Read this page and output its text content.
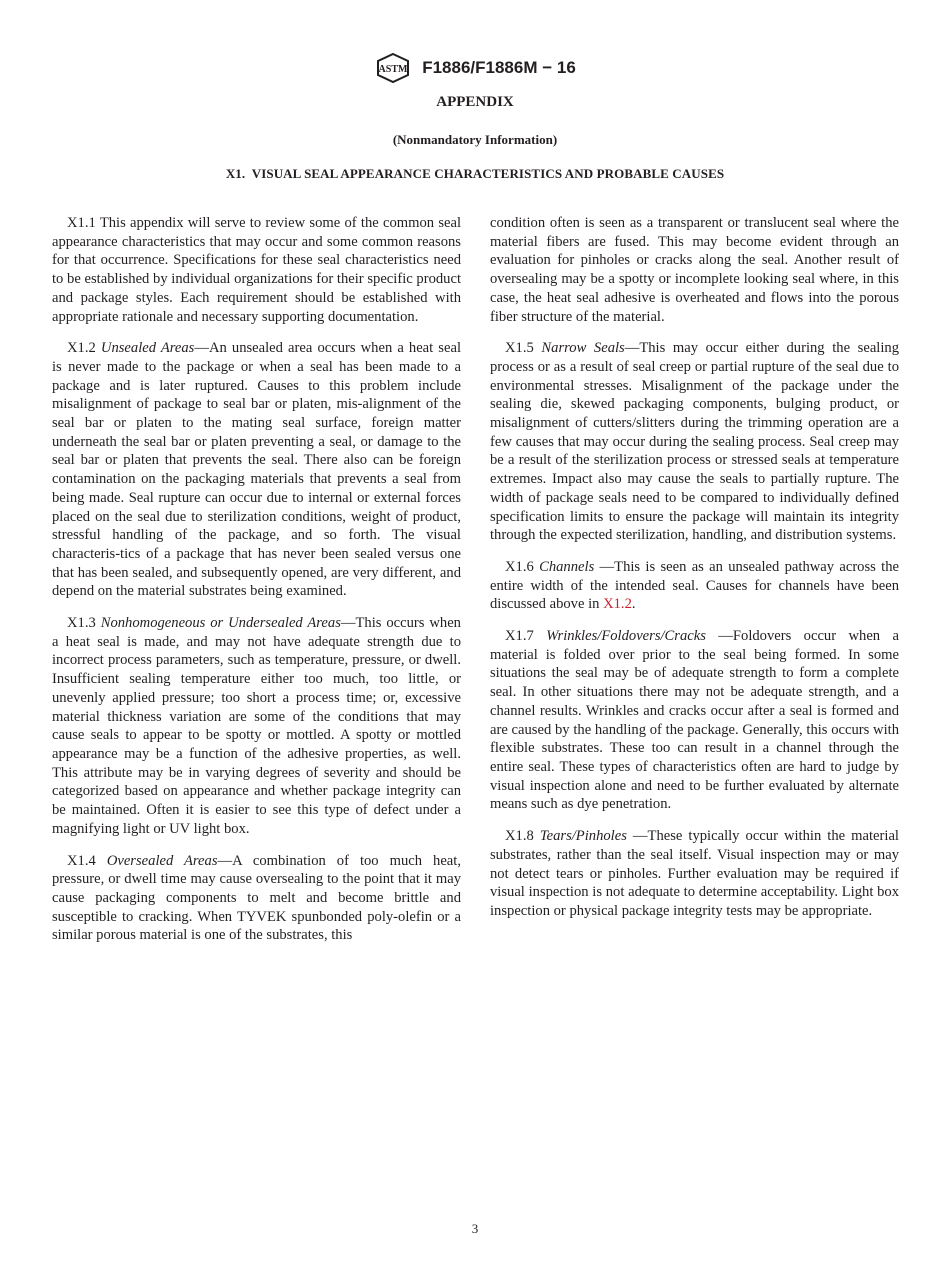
ASTM F1886/F1886M − 16
APPENDIX
(Nonmandatory Information)
X1.  VISUAL SEAL APPEARANCE CHARACTERISTICS AND PROBABLE CAUSES

X1.1 This appendix will serve to review some of the common seal appearance characteristics that may occur and some common reasons for that occurrence. Specifications for these seal characteristics need to be established by individual organizations for their specific product and package styles. Each requirement should be established with appropriate rationale and necessary supporting documentation.

X1.2 Unsealed Areas—An unsealed area occurs when a heat seal is never made to the package or when a seal has been made to a package and is later ruptured. Causes to this problem include misalignment of package to seal bar or platen, mis-alignment of the seal bar or platen to the mating seal surface, foreign matter underneath the seal bar or platen preventing a seal, or damage to the seal bar or platen that prevents the seal. There also can be foreign contamination on the packaging materials that prevents a seal from being made. Seal rupture can occur due to internal or external forces placed on the seal due to sterilization conditions, weight of product, stressful handling of the package, and so forth. The visual characteris-tics of a package that has never been sealed versus one that has been sealed, and subsequently opened, are very different, and depend on the material substrates being examined.

X1.3 Nonhomogeneous or Undersealed Areas—This occurs when a heat seal is made, and may not have adequate strength due to incorrect process parameters, such as temperature, pressure, or dwell. Insufficient sealing temperature either too much, too little, or unevenly applied pressure; too short a process time; or, excessive material thickness variation are some of the conditions that may cause seals to appear to be spotty or mottled. A spotty or mottled appearance may be a function of the adhesive properties, as well. This attribute may be in varying degrees of severity and should be categorized based on appearance and whether package integrity can be maintained. Often it is easier to see this type of defect under a magnifying light or UV light box.

X1.4 Oversealed Areas—A combination of too much heat, pressure, or dwell time may cause oversealing to the point that it may cause packaging components to melt and become brittle and susceptible to cracking. When TYVEK spunbonded poly-olefin or a similar porous material is one of the substrates, this

condition often is seen as a transparent or translucent seal where the material fibers are fused. This may become evident through an evaluation for pinholes or cracks along the seal. Another result of oversealing may be a spotty or incomplete looking seal where, in this case, the heat seal adhesive is overheated and flows into the porous fiber structure of the material.

X1.5 Narrow Seals—This may occur either during the sealing process or as a result of seal creep or partial rupture of the seal due to environmental stresses. Misalignment of the package under the sealing die, skewed packaging components, bulging product, or misalignment of cutters/slitters during the trimming operation are a few causes that may occur during the sealing process. Seal creep may be a result of the sterilization process or stressed seals at temperature extremes. Impact also may cause the seals to partially rupture. The width of package seals need to be compared to individually defined specification limits to ensure the package will maintain its integrity through the expected sterilization, handling, and distribution systems.

X1.6 Channels —This is seen as an unsealed pathway across the entire width of the intended seal. Causes for channels have been discussed above in X1.2.

X1.7 Wrinkles/Foldovers/Cracks —Foldovers occur when a material is folded over prior to the seal being formed. In some situations the seal may be of adequate strength to form a complete seal. In other situations there may not be adequate strength, and a channel results. Wrinkles and cracks occur after a seal is formed and are caused by the handling of the package. Generally, this occurs with flexible substrates. These too can result in a channel through the entire seal. These types of characteristics often are hard to judge by visual inspection alone and need to be further evaluated by alternate means such as dye penetration.

X1.8 Tears/Pinholes —These typically occur within the material substrates, rather than the seal itself. Visual inspection may or may not detect tears or pinholes. Further evaluation may be required if visual inspection is not adequate to determine acceptability. Light box inspection or physical package integrity tests may be appropriate.

3
